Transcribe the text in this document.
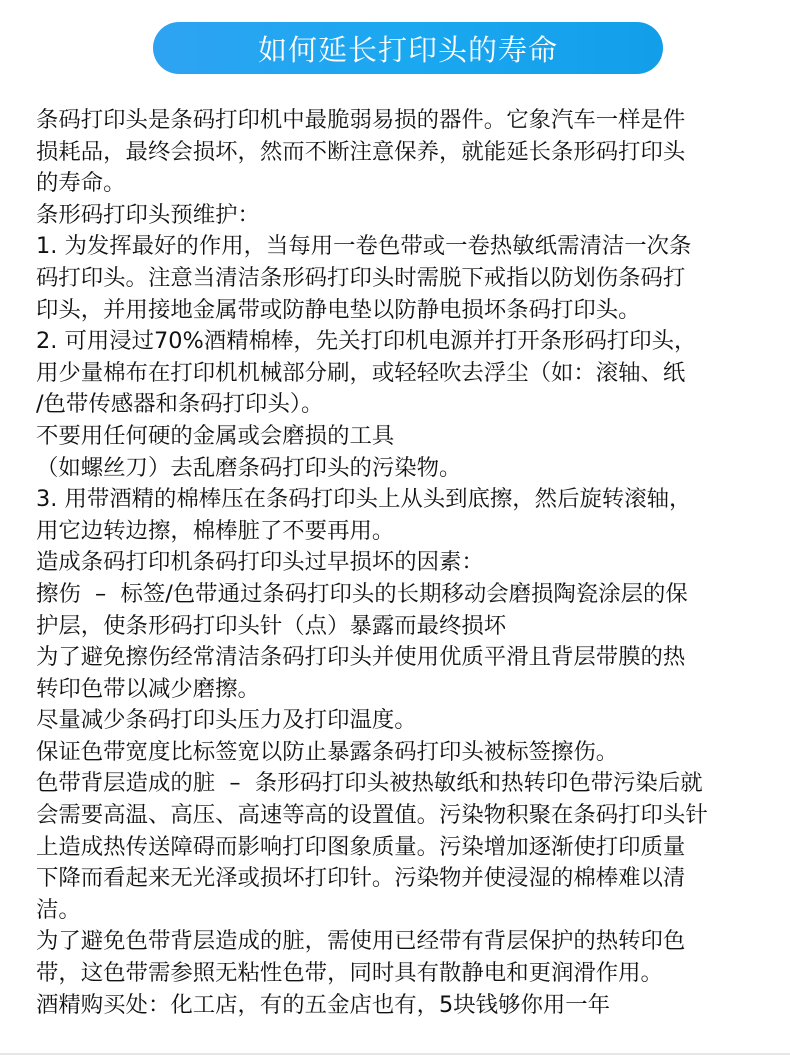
如何延长打印头的寿命
条码打印头是条码打印机中最脆弱易损的器件。它象汽车一样是件
损耗品，最终会损坏，然而不断注意保养，就能延长条形码打印头
的寿命。
条形码打印头预维护：
1. 为发挥最好的作用，当每用一卷色带或一卷热敏纸需清洁一次条
码打印头。注意当清洁条形码打印头时需脱下戒指以防划伤条码打
印头，并用接地金属带或防静电垫以防静电损坏条码打印头。
2. 可用浸过70%酒精棉棒，先关打印机电源并打开条形码打印头，
用少量棉布在打印机机械部分刷，或轻轻吹去浮尘（如：滚轴、纸
/色带传感器和条码打印头）。
不要用任何硬的金属或会磨损的工具
（如螺丝刀）去乱磨条码打印头的污染物。
3. 用带酒精的棉棒压在条码打印头上从头到底擦，然后旋转滚轴，
用它边转边擦，棉棒脏了不要再用。
造成条码打印机条码打印头过早损坏的因素：
擦伤  –  标签/色带通过条码打印头的长期移动会磨损陶瓷涂层的保
护层，使条形码打印头针（点）暴露而最终损坏
为了避免擦伤经常清洁条码打印头并使用优质平滑且背层带膜的热
转印色带以减少磨擦。
尽量减少条码打印头压力及打印温度。
保证色带宽度比标签宽以防止暴露条码打印头被标签擦伤。
色带背层造成的脏  –  条形码打印头被热敏纸和热转印色带污染后就
会需要高温、高压、高速等高的设置值。污染物积聚在条码打印头针
上造成热传送障碍而影响打印图象质量。污染增加逐渐使打印质量
下降而看起来无光泽或损坏打印针。污染物并使浸湿的棉棒难以清
洁。
为了避免色带背层造成的脏，需使用已经带有背层保护的热转印色
带，这色带需参照无粘性色带，同时具有散静电和更润滑作用。
酒精购买处：化工店，有的五金店也有，5块钱够你用一年
